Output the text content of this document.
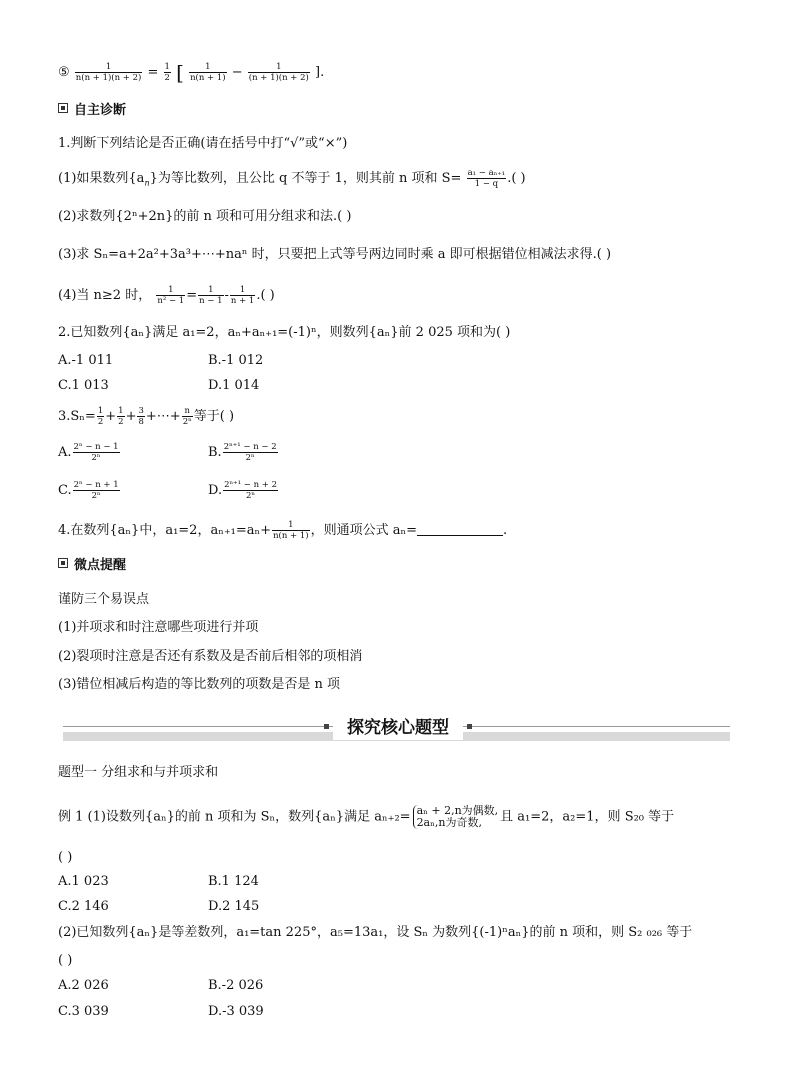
⑤ $\frac{1}{n(n + 1)(n + 2)} = \frac{1}{2}$ [ $\frac{1}{n(n + 1)} - \frac{1}{(n + 1)(n + 2)}$ ].
自主诊断
1.判断下列结论是否正确(请在括号中打“√”或“×”)
(1)如果数列$\{a_n\}$为等比数列，且公比 q 不等于 1，则其前 n 项和 $S= \frac{\text{a₁ − aₙ₊₁}}{1 - q}$ .( )
(2)求数列{2ⁿ+2n}的前 n 项和可用分组求和法.( )
(3)求 Sₙ=a+2a²+3a³+⋯+naⁿ 时，只要把上式等号两边同时乘 a 即可根据错位相减法求得.( )
(4)当 n≥2 时， $\frac{1}{\text{n² − 1}} = \frac{1}{n - 1} - \frac{1}{n + 1}$ .( )
2.已知数列{aₙ}满足 a₁=2，aₙ+aₙ₊₁=(-1)ⁿ，则数列{aₙ}前 2 025 项和为( )
A.-1 011	B.-1 012
C.1 013	D.1 014
$3.S_n= \frac{1}{2} + \frac{1}{2} + \frac{3}{8}$ +⋯+ $\frac{n}{\text{2ⁿ}}$ 等于( )
A. $\frac{\text{2ⁿ − n − 1}}{\text{2ⁿ}}$	B. $\frac{\text{2ⁿ⁺¹ − n − 2}}{\text{2ⁿ}}$
C. $\frac{\text{2ⁿ − n + 1}}{\text{2ⁿ}}$	D. $\frac{\text{2ⁿ⁺¹ − n + 2}}{\text{2ⁿ}}$
4.在数列{aₙ}中，a₁=2，$a_{n+1}=a_n+ \frac{1}{n(n + 1)}$ ，则通项公式 aₙ=	.
微点提醒
谨防三个易误点
(1)并项求和时注意哪些项进行并项
(2)裂项时注意是否还有系数及是否前后相邻的项相消
(3)错位相减后构造的等比数列的项数是否是 n 项
探究核心题型
题型一 分组求和与并项求和
例 1 (1)设数列{aₙ}的前 n 项和为 Sₙ，数列{aₙ}满足 aₙ₊₂= aₙ + 2,n为偶数,
2aₙ,n为奇数,	且 a₁=2，a₂=1，则 S₂₀ 等于
( )
A.1 023	B.1 124
C.2 146	D.2 145
(2)已知数列{aₙ}是等差数列，a₁=tan 225°，a₅=13a₁，设 Sₙ 为数列{(-1)ⁿaₙ}的前 n 项和，则 S₂ ₀₂₆ 等于
( )
A.2 026	B.-2 026
C.3 039	D.-3 039
